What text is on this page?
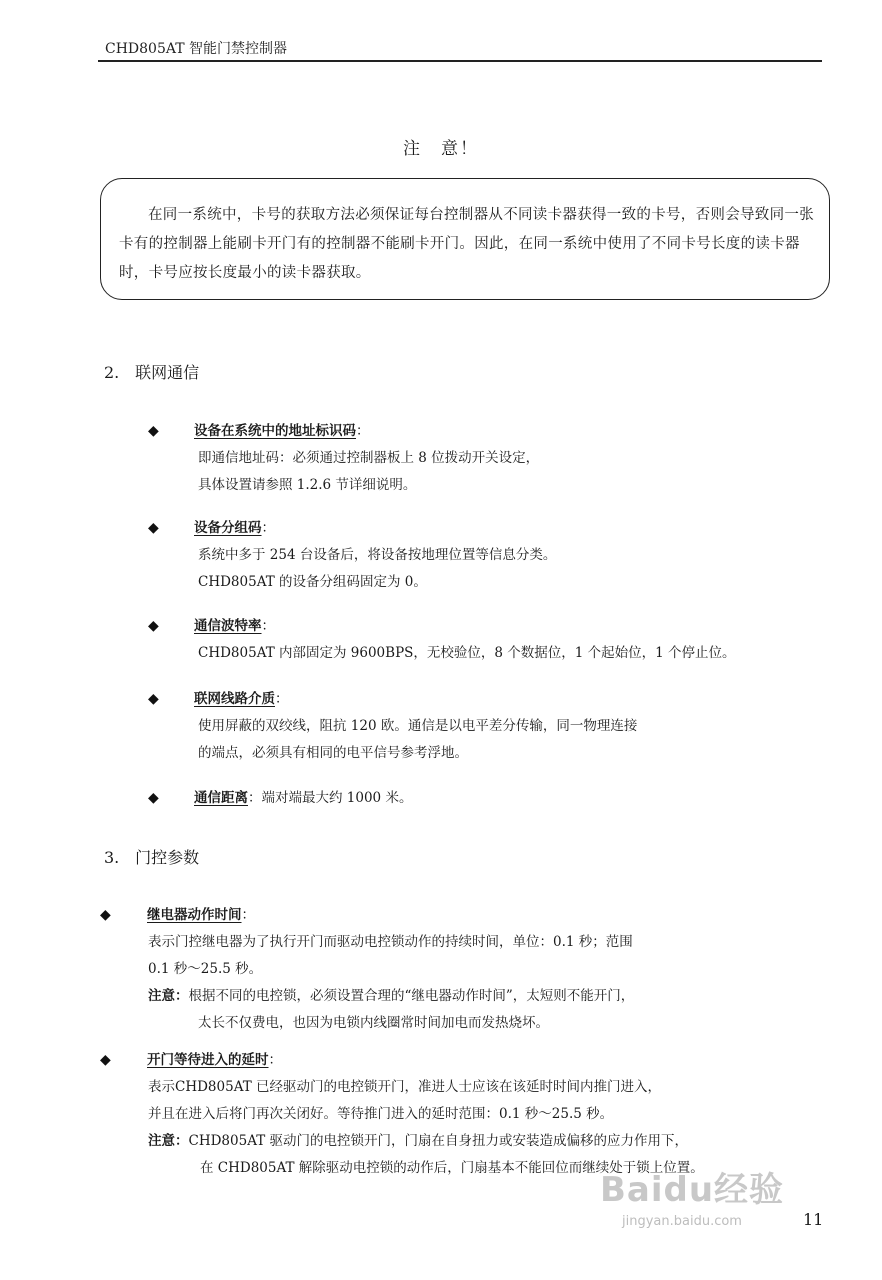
CHD805AT 智能门禁控制器
注　意！

在同一系统中，卡号的获取方法必须保证每台控制器从不同读卡器获得一致的卡号，否则会导致同一张卡有的控制器上能刷卡开门有的控制器不能刷卡开门。因此，在同一系统中使用了不同卡号长度的读卡器时，卡号应按长度最小的读卡器获取。

2. 联网通信
◆	设备在系统中的地址标识码：
即通信地址码：必须通过控制器板上 8 位拨动开关设定，
具体设置请参照 1.2.6 节详细说明。
◆	设备分组码：
系统中多于 254 台设备后，将设备按地理位置等信息分类。
CHD805AT 的设备分组码固定为 0。
◆	通信波特率：
CHD805AT 内部固定为 9600BPS，无校验位，8 个数据位，1 个起始位，1 个停止位。
◆	联网线路介质：
使用屏蔽的双绞线，阻抗 120 欧。通信是以电平差分传输，同一物理连接
的端点，必须具有相同的电平信号参考浮地。
◆	通信距离：端对端最大约 1000 米。
3. 门控参数
◆	继电器动作时间：
表示门控继电器为了执行开门而驱动电控锁动作的持续时间，单位：0.1 秒；范围
0.1 秒～25.5 秒。
注意：根据不同的电控锁，必须设置合理的“继电器动作时间”，太短则不能开门，
太长不仅费电，也因为电锁内线圈常时间加电而发热烧坏。
◆	开门等待进入的延时：
表示CHD805AT 已经驱动门的电控锁开门，准进人士应该在该延时时间内推门进入，
并且在进入后将门再次关闭好。等待推门进入的延时范围：0.1 秒～25.5 秒。
注意：CHD805AT 驱动门的电控锁开门，门扇在自身扭力或安装造成偏移的应力作用下，
在 CHD805AT 解除驱动电控锁的动作后，门扇基本不能回位而继续处于锁上位置。
Baidu经验
jingyan.baidu.com	11
